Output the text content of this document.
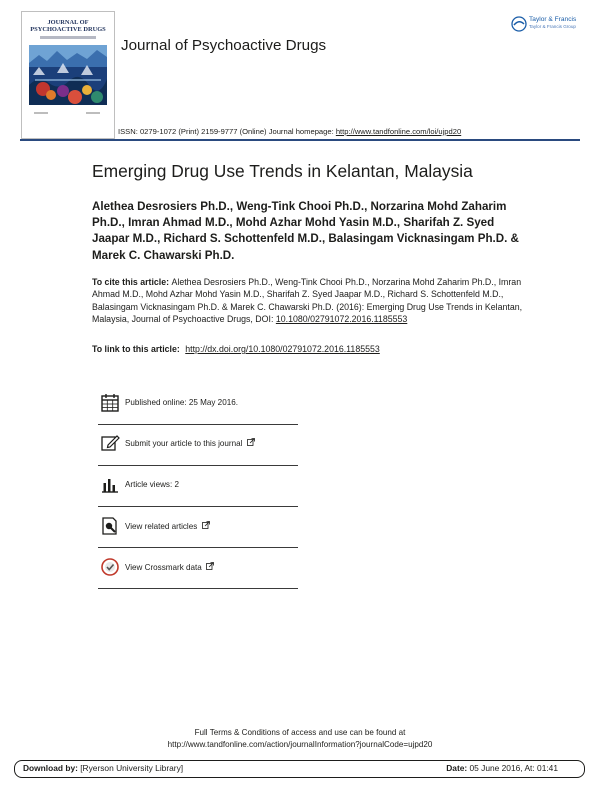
JOURNAL OF
PSYCHOACTIVE DRUGS
Journal of Psychoactive Drugs
Taylor & Francis
Taylor & Francis Group
ISSN: 0279-1072 (Print) 2159-9777 (Online) Journal homepage: http://www.tandfonline.com/loi/ujpd20
Emerging Drug Use Trends in Kelantan, Malaysia
Alethea Desrosiers Ph.D., Weng-Tink Chooi Ph.D., Norzarina Mohd Zaharim Ph.D., Imran Ahmad M.D., Mohd Azhar Mohd Yasin M.D., Sharifah Z. Syed Jaapar M.D., Richard S. Schottenfeld M.D., Balasingam Vicknasingam Ph.D. & Marek C. Chawarski Ph.D.
To cite this article: Alethea Desrosiers Ph.D., Weng-Tink Chooi Ph.D., Norzarina Mohd Zaharim Ph.D., Imran Ahmad M.D., Mohd Azhar Mohd Yasin M.D., Sharifah Z. Syed Jaapar M.D., Richard S. Schottenfeld M.D., Balasingam Vicknasingam Ph.D. & Marek C. Chawarski Ph.D. (2016): Emerging Drug Use Trends in Kelantan, Malaysia, Journal of Psychoactive Drugs, DOI: 10.1080/02791072.2016.1185553
To link to this article: http://dx.doi.org/10.1080/02791072.2016.1185553
Published online: 25 May 2016.
Submit your article to this journal
Article views: 2
View related articles
View Crossmark data
Full Terms & Conditions of access and use can be found at
http://www.tandfonline.com/action/journalInformation?journalCode=ujpd20
Download by: [Ryerson University Library]	Date: 05 June 2016, At: 01:41
